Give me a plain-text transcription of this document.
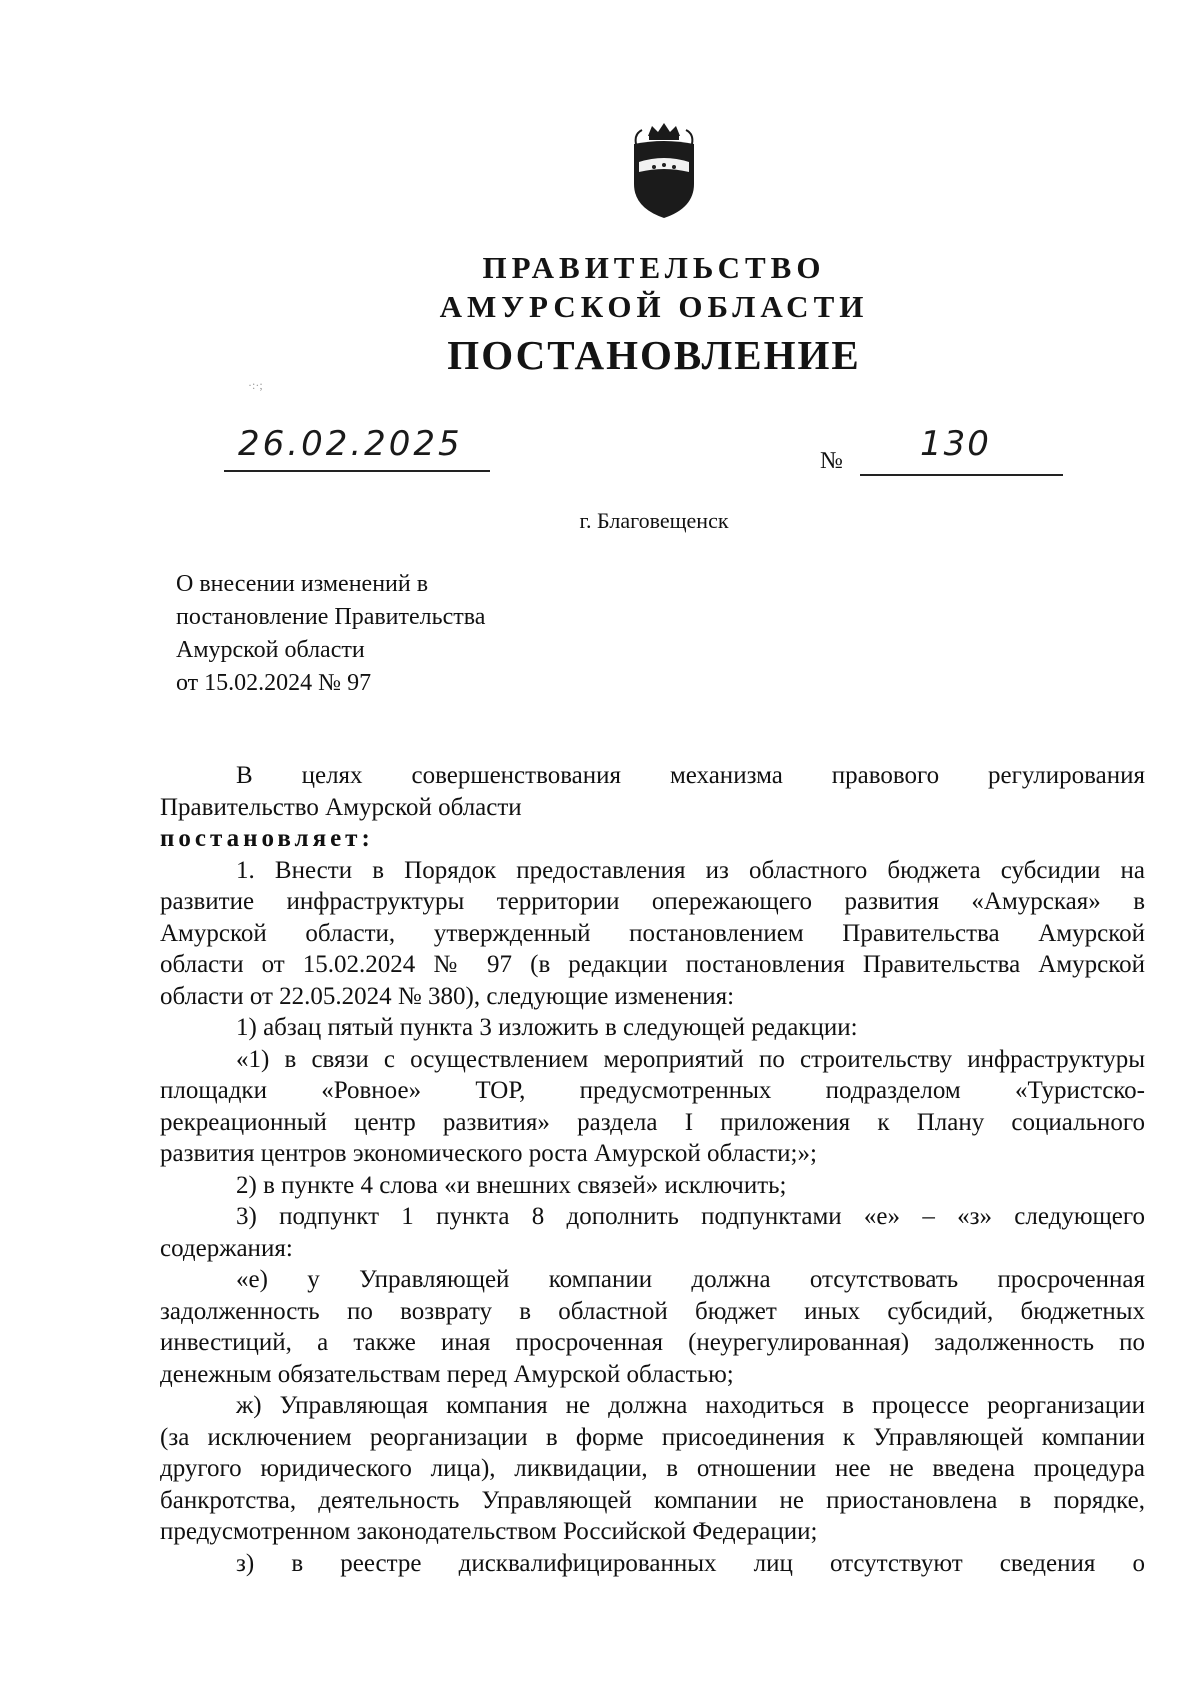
ПРАВИТЕЛЬСТВО
АМУРСКОЙ ОБЛАСТИ
ПОСТАНОВЛЕНИЕ
·:·;
26.02.2025	№ 130
г. Благовещенск
О внесении изменений в
постановление Правительства
Амурской области
от 15.02.2024 № 97
В целях совершенствования механизма правового регулирования
Правительство Амурской области
постановляет:
1. Внести в Порядок предоставления из областного бюджета субсидии на
развитие инфраструктуры территории опережающего развития «Амурская» в
Амурской области, утвержденный постановлением Правительства Амурской
области от 15.02.2024 № 97 (в редакции постановления Правительства Амурской
области от 22.05.2024 № 380), следующие изменения:
1) абзац пятый пункта 3 изложить в следующей редакции:
«1) в связи с осуществлением мероприятий по строительству инфраструктуры
площадки «Ровное» ТОР, предусмотренных подразделом «Туристско-
рекреационный центр развития» раздела I приложения к Плану социального
развития центров экономического роста Амурской области;»;
2) в пункте 4 слова «и внешних связей» исключить;
3) подпункт 1 пункта 8 дополнить подпунктами «е» – «з» следующего
содержания:
«е) у Управляющей компании должна отсутствовать просроченная
задолженность по возврату в областной бюджет иных субсидий, бюджетных
инвестиций, а также иная просроченная (неурегулированная) задолженность по
денежным обязательствам перед Амурской областью;
ж) Управляющая компания не должна находиться в процессе реорганизации
(за исключением реорганизации в форме присоединения к Управляющей компании
другого юридического лица), ликвидации, в отношении нее не введена процедура
банкротства, деятельность Управляющей компании не приостановлена в порядке,
предусмотренном законодательством Российской Федерации;
з) в реестре дисквалифицированных лиц отсутствуют сведения о
